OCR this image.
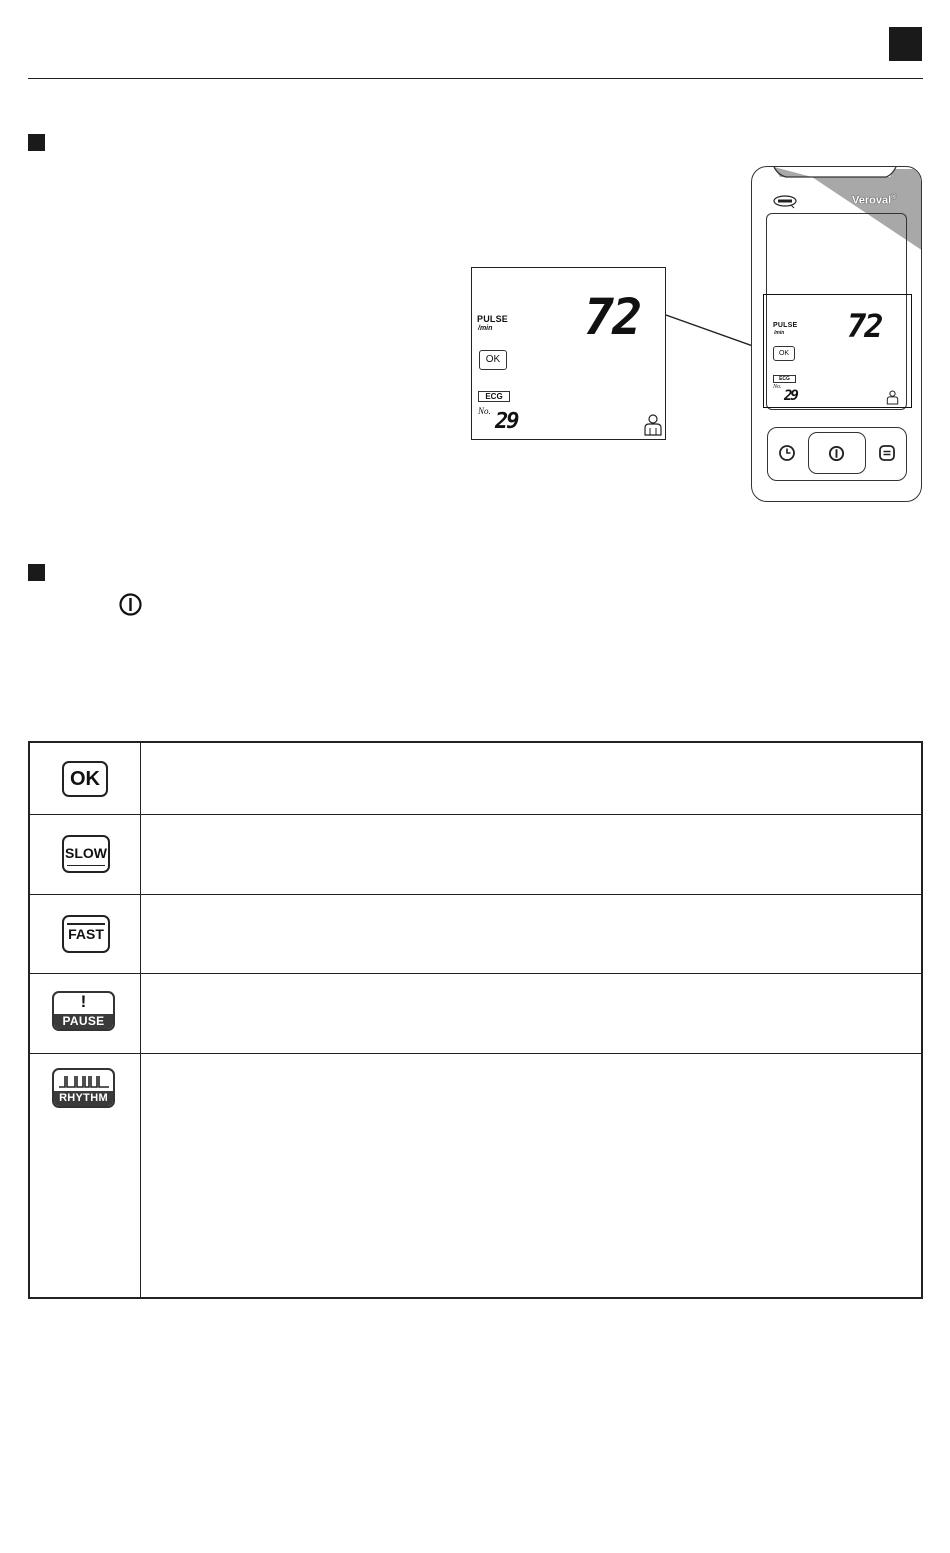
PULSE
/min 72
OK
ECG
No. 29
Veroval®
PULSE
/min 72
OK
ECG
No.
29
OK
SLOW
FAST
!
PAUSE
RHYTHM
